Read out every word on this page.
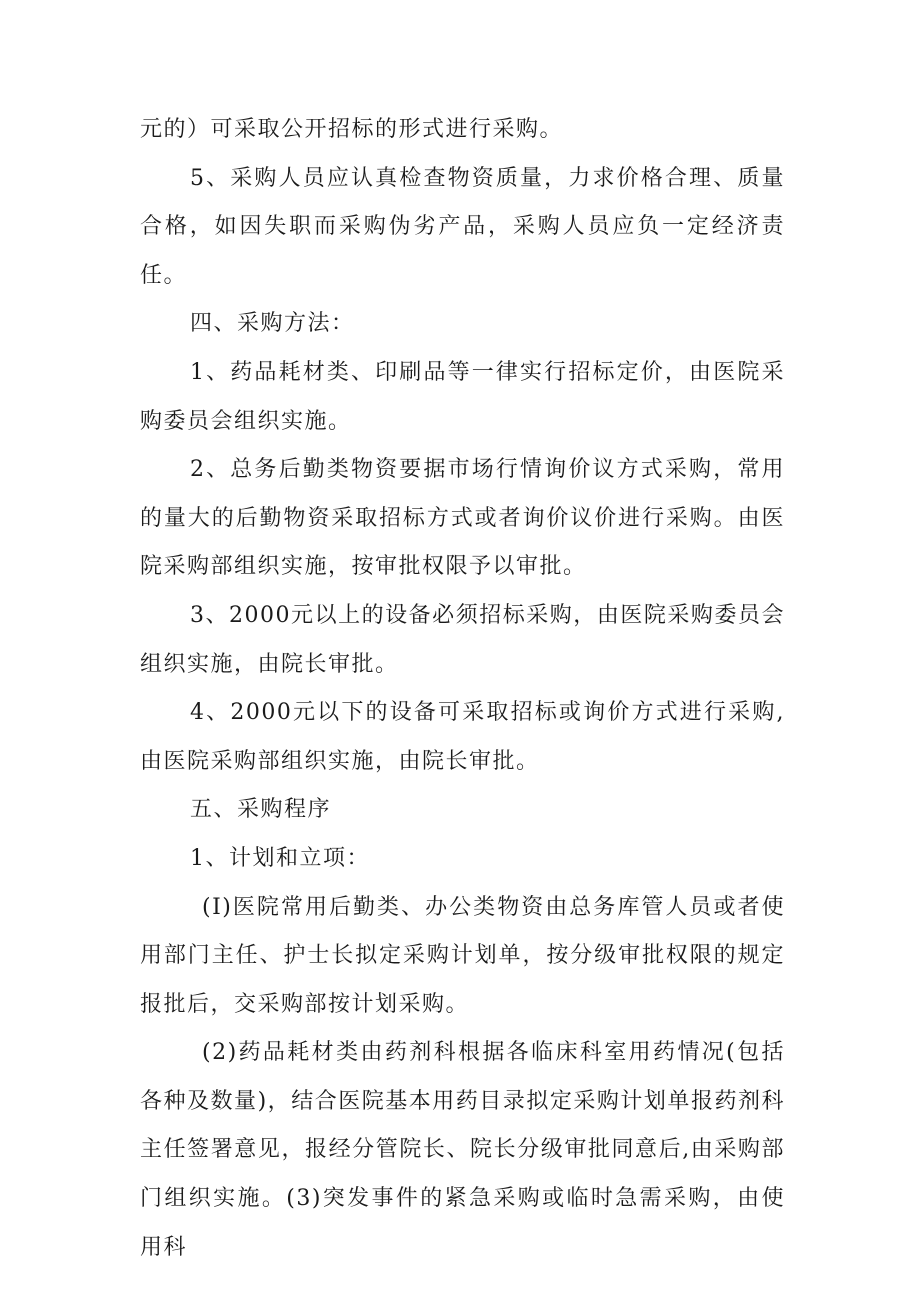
元的）可采取公开招标的形式进行采购。

5、采购人员应认真检查物资质量，力求价格合理、质量合格，如因失职而采购伪劣产品，采购人员应负一定经济责任。

四、采购方法：

1、药品耗材类、印刷品等一律实行招标定价，由医院采购委员会组织实施。

2、总务后勤类物资要据市场行情询价议方式采购，常用的量大的后勤物资采取招标方式或者询价议价进行采购。由医院采购部组织实施，按审批权限予以审批。

3、2000元以上的设备必须招标采购，由医院采购委员会组织实施，由院长审批。

4、2000元以下的设备可采取招标或询价方式进行采购,由医院采购部组织实施，由院长审批。

五、采购程序

1、计划和立项：

(I)医院常用后勤类、办公类物资由总务库管人员或者使用部门主任、护士长拟定采购计划单，按分级审批权限的规定报批后，交采购部按计划采购。

(2)药品耗材类由药剂科根据各临床科室用药情况(包括各种及数量)，结合医院基本用药目录拟定采购计划单报药剂科主任签署意见，报经分管院长、院长分级审批同意后,由采购部门组织实施。(3)突发事件的紧急采购或临时急需采购，由使用科
